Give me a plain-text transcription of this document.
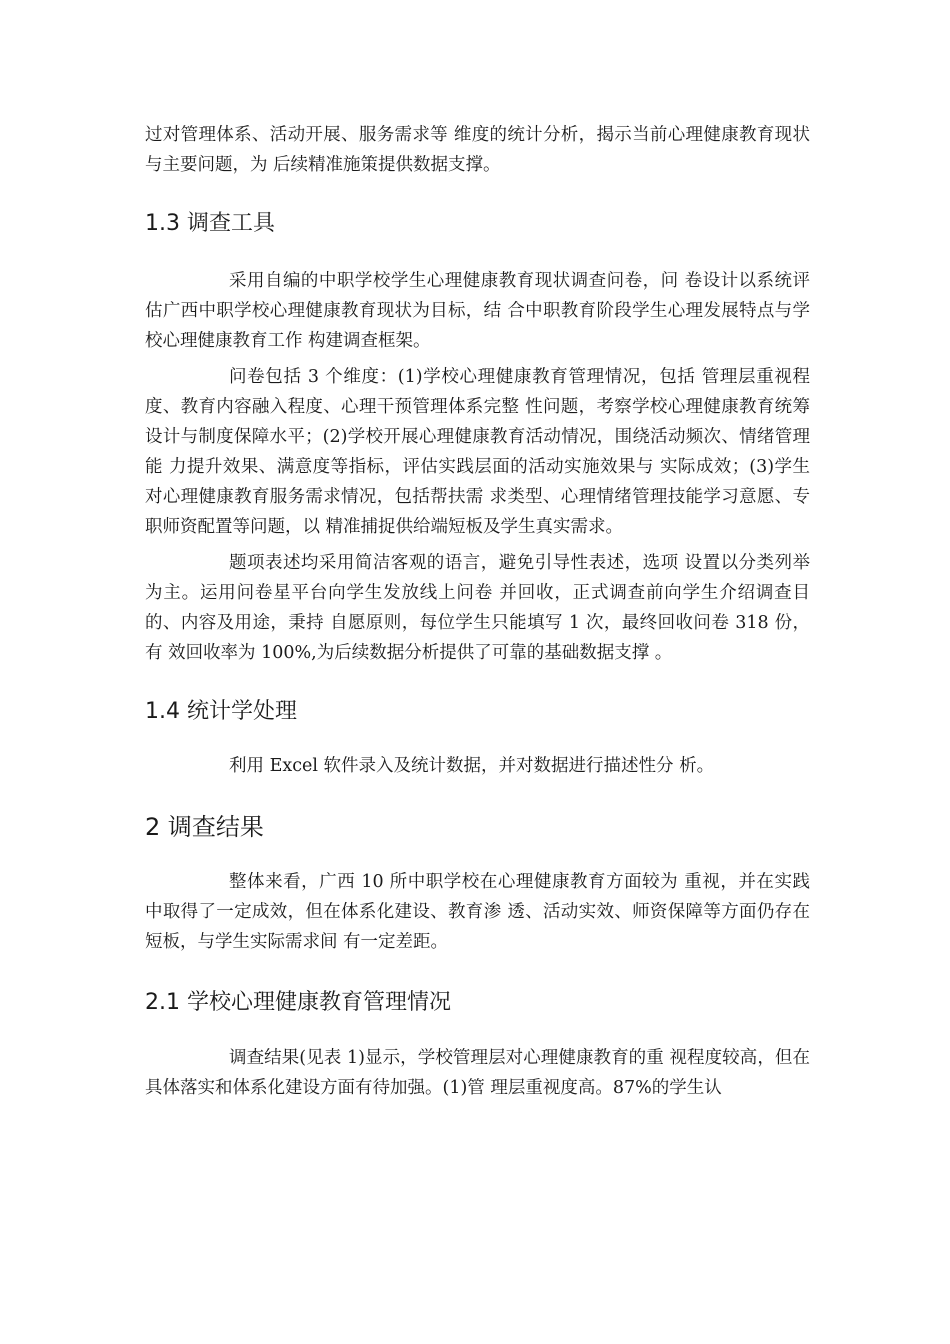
过对管理体系、活动开展、服务需求等 维度的统计分析，揭示当前心理健康教育现状与主要问题，为 后续精准施策提供数据支撑。

1.3 调查工具

采用自编的中职学校学生心理健康教育现状调查问卷，问 卷设计以系统评估广西中职学校心理健康教育现状为目标，结 合中职教育阶段学生心理发展特点与学校心理健康教育工作 构建调查框架。

问卷包括 3 个维度：(1)学校心理健康教育管理情况，包括 管理层重视程度、教育内容融入程度、心理干预管理体系完整 性问题，考察学校心理健康教育统筹设计与制度保障水平；(2)学校开展心理健康教育活动情况，围绕活动频次、情绪管理能 力提升效果、满意度等指标，评估实践层面的活动实施效果与 实际成效；(3)学生对心理健康教育服务需求情况，包括帮扶需 求类型、心理情绪管理技能学习意愿、专职师资配置等问题，以 精准捕捉供给端短板及学生真实需求。

题项表述均采用简洁客观的语言，避免引导性表述，选项 设置以分类列举为主。运用问卷星平台向学生发放线上问卷 并回收，正式调查前向学生介绍调查目的、内容及用途，秉持 自愿原则，每位学生只能填写 1 次，最终回收问卷 318 份，有 效回收率为 100%,为后续数据分析提供了可靠的基础数据支撑 。

1.4 统计学处理

利用 Excel 软件录入及统计数据，并对数据进行描述性分 析。

2 调查结果

整体来看，广西 10 所中职学校在心理健康教育方面较为 重视，并在实践中取得了一定成效，但在体系化建设、教育渗 透、活动实效、师资保障等方面仍存在短板，与学生实际需求间 有一定差距。

2.1 学校心理健康教育管理情况

调查结果(见表 1)显示，学校管理层对心理健康教育的重 视程度较高，但在具体落实和体系化建设方面有待加强。(1)管 理层重视度高。87%的学生认
